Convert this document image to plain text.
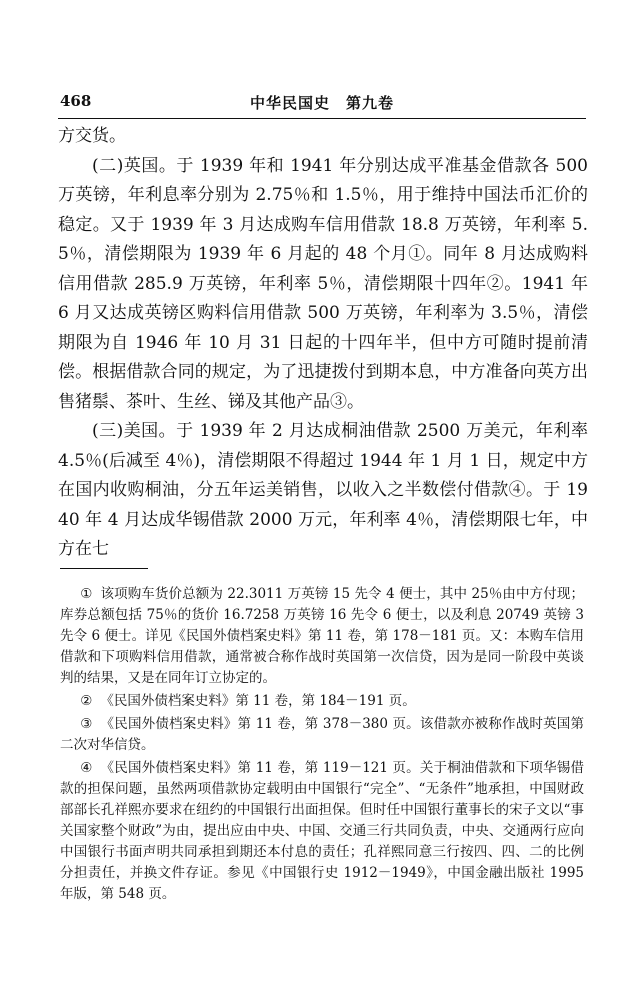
468	中华民国史　第九卷

方交货。

(二)英国。于 1939 年和 1941 年分别达成平准基金借款各 500 万英镑，年利息率分别为 2.75％和 1.5％，用于维持中国法币汇价的稳定。又于 1939 年 3 月达成购车信用借款 18.8 万英镑，年利率 5.5％，清偿期限为 1939 年 6 月起的 48 个月①。同年 8 月达成购料信用借款 285.9 万英镑，年利率 5％，清偿期限十四年②。1941 年 6 月又达成英镑区购料信用借款 500 万英镑，年利率为 3.5％，清偿期限为自 1946 年 10 月 31 日起的十四年半，但中方可随时提前清偿。根据借款合同的规定，为了迅捷拨付到期本息，中方准备向英方出售猪鬃、茶叶、生丝、锑及其他产品③。

(三)美国。于 1939 年 2 月达成桐油借款 2500 万美元，年利率 4.5％(后减至 4％)，清偿期限不得超过 1944 年 1 月 1 日，规定中方在国内收购桐油，分五年运美销售，以收入之半数偿付借款④。于 1940 年 4 月达成华锡借款 2000 万元，年利率 4％，清偿期限七年，中方在七

① 该项购车货价总额为 22.3011 万英镑 15 先令 4 便士，其中 25％由中方付现；库券总额包括 75％的货价 16.7258 万英镑 16 先令 6 便士，以及利息 20749 英镑 3 先令 6 便士。详见《民国外债档案史料》第 11 卷，第 178－181 页。又：本购车信用借款和下项购料信用借款，通常被合称作战时英国第一次信贷，因为是同一阶段中英谈判的结果，又是在同年订立协定的。

② 《民国外债档案史料》第 11 卷，第 184－191 页。

③ 《民国外债档案史料》第 11 卷，第 378－380 页。该借款亦被称作战时英国第二次对华信贷。

④ 《民国外债档案史料》第 11 卷，第 119－121 页。关于桐油借款和下项华锡借款的担保问题，虽然两项借款协定载明由中国银行“完全”、“无条件”地承担，中国财政部部长孔祥熙亦要求在纽约的中国银行出面担保。但时任中国银行董事长的宋子文以“事关国家整个财政”为由，提出应由中央、中国、交通三行共同负责，中央、交通两行应向中国银行书面声明共同承担到期还本付息的责任；孔祥熙同意三行按四、四、二的比例分担责任，并换文件存证。参见《中国银行史 1912－1949》，中国金融出版社 1995 年版，第 548 页。
